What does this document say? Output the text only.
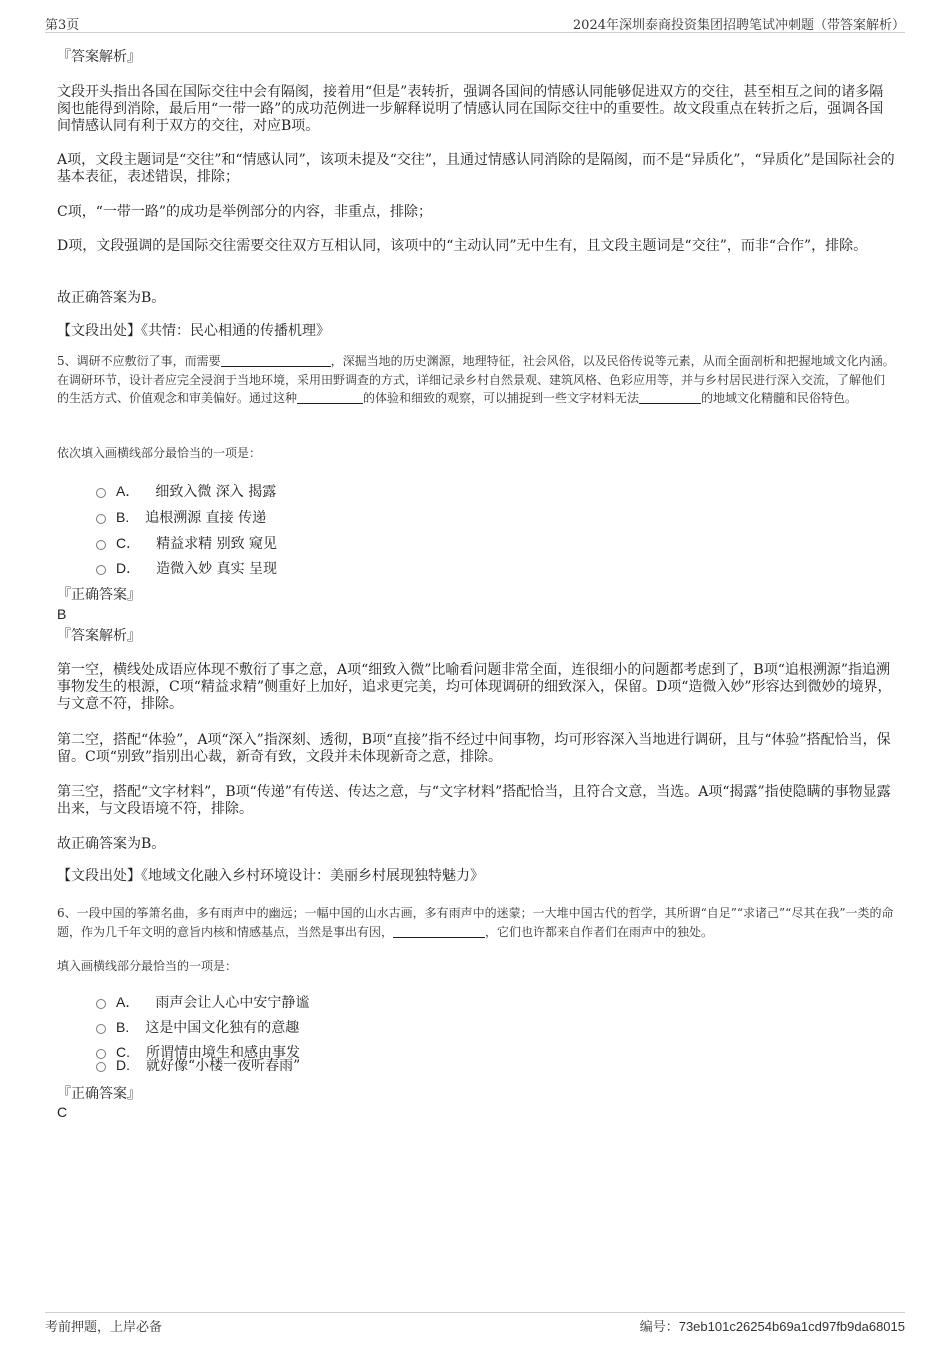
第3页	2024年深圳泰商投资集团招聘笔试冲刺题（带答案解析）
『答案解析』
文段开头指出各国在国际交往中会有隔阂，接着用“但是”表转折，强调各国间的情感认同能够促进双方的交往，甚至相互之间的诸多隔阂也能得到消除，最后用“一带一路”的成功范例进一步解释说明了情感认同在国际交往中的重要性。故文段重点在转折之后，强调各国间情感认同有利于双方的交往，对应B项。
A项，文段主题词是“交往”和“情感认同”，该项未提及“交往”，且通过情感认同消除的是隔阂，而不是“异质化”，“异质化”是国际社会的基本表征，表述错误，排除；
C项，“一带一路”的成功是举例部分的内容，非重点，排除；
D项，文段强调的是国际交往需要交往双方互相认同，该项中的“主动认同”无中生有，且文段主题词是“交往”，而非“合作”，排除。
故正确答案为B。
【文段出处】《共情：民心相通的传播机理》
5、调研不应敷衍了事，而需要	，深掘当地的历史渊源，地理特征，社会风俗，以及民俗传说等元素，从而全面剖析和把握地域文化内涵。在调研环节，设计者应完全浸润于当地环境，采用田野调查的方式，详细记录乡村自然景观、建筑风格、色彩应用等，并与乡村居民进行深入交流，了解他们的生活方式、价值观念和审美偏好。通过这种	的体验和细致的观察，可以捕捉到一些文字材料无法	的地域文化精髓和民俗特色。
依次填入画横线部分最恰当的一项是：
A． 细致入微 深入 揭露
B. 追根溯源 直接 传递
C． 精益求精 别致 窥见
D． 造微入妙 真实 呈现
『正确答案』
B
『答案解析』
第一空，横线处成语应体现不敷衍了事之意，A项“细致入微”比喻看问题非常全面，连很细小的问题都考虑到了，B项“追根溯源”指追溯事物发生的根源，C项“精益求精”侧重好上加好，追求更完美，均可体现调研的细致深入，保留。D项“造微入妙”形容达到微妙的境界，与文意不符，排除。
第二空，搭配“体验”，A项“深入”指深刻、透彻，B项“直接”指不经过中间事物，均可形容深入当地进行调研，且与“体验”搭配恰当，保留。C项“别致”指别出心裁，新奇有致，文段并未体现新奇之意，排除。
第三空，搭配“文字材料”，B项“传递”有传送、传达之意，与“文字材料”搭配恰当，且符合文意，当选。A项“揭露”指使隐瞒的事物显露出来，与文段语境不符，排除。
故正确答案为B。
【文段出处】《地域文化融入乡村环境设计：美丽乡村展现独特魅力》
6、一段中国的筝箫名曲，多有雨声中的幽远；一幅中国的山水古画，多有雨声中的迷蒙；一大堆中国古代的哲学，其所谓“自足”“求诸己”“尽其在我”一类的命题，作为几千年文明的意旨内核和情感基点，当然是事出有因，	，它们也许都来自作者们在雨声中的独处。
填入画横线部分最恰当的一项是：
A． 雨声会让人心中安宁静谧
B. 这是中国文化独有的意趣
C. 所谓情由境生和感由事发
D. 就好像“小楼一夜听春雨”
『正确答案』
C
考前押题，上岸必备	编号：73eb101c26254b69a1cd97fb9da68015
